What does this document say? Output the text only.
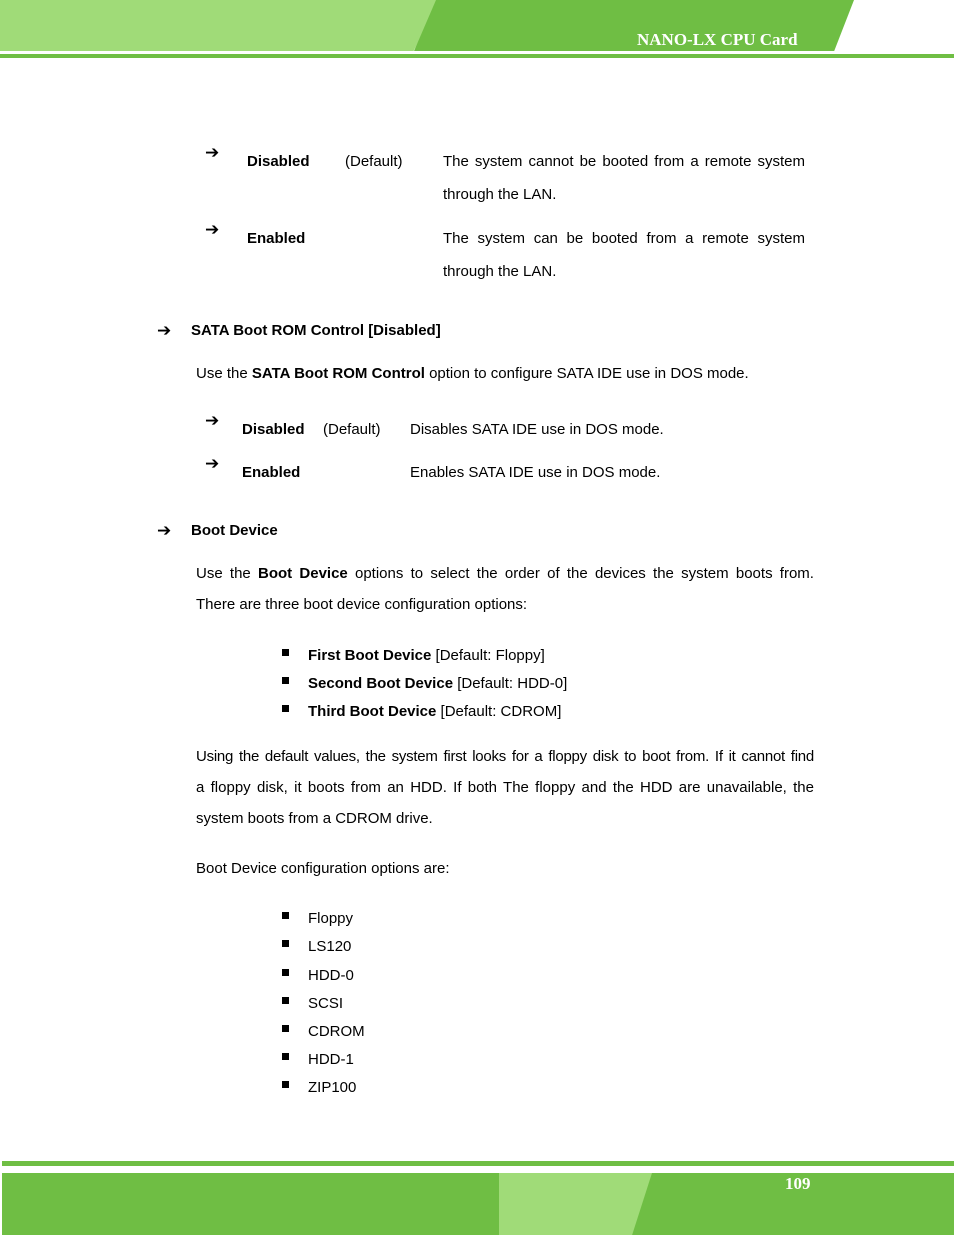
NANO-LX CPU Card
➔ Disabled (Default)	The system cannot be booted from a remote system
through the LAN.
➔ Enabled	The system can be booted from a remote system
through the LAN.
➔ SATA Boot ROM Control [Disabled]
Use the SATA Boot ROM Control option to configure SATA IDE use in DOS mode.
➔ Disabled (Default) Disables SATA IDE use in DOS mode.
➔ Enabled	Enables SATA IDE use in DOS mode.
➔ Boot Device
Use the Boot Device options to select the order of the devices the system boots from.
There are three boot device configuration options:
First Boot Device [Default: Floppy]
Second Boot Device [Default: HDD-0]
Third Boot Device [Default: CDROM]
Using the default values, the system first looks for a floppy disk to boot from. If it cannot find
a floppy disk, it boots from an HDD. If both The floppy and the HDD are unavailable, the
system boots from a CDROM drive.
Boot Device configuration options are:
Floppy
LS120
HDD-0
SCSI
CDROM
HDD-1
ZIP100
109
